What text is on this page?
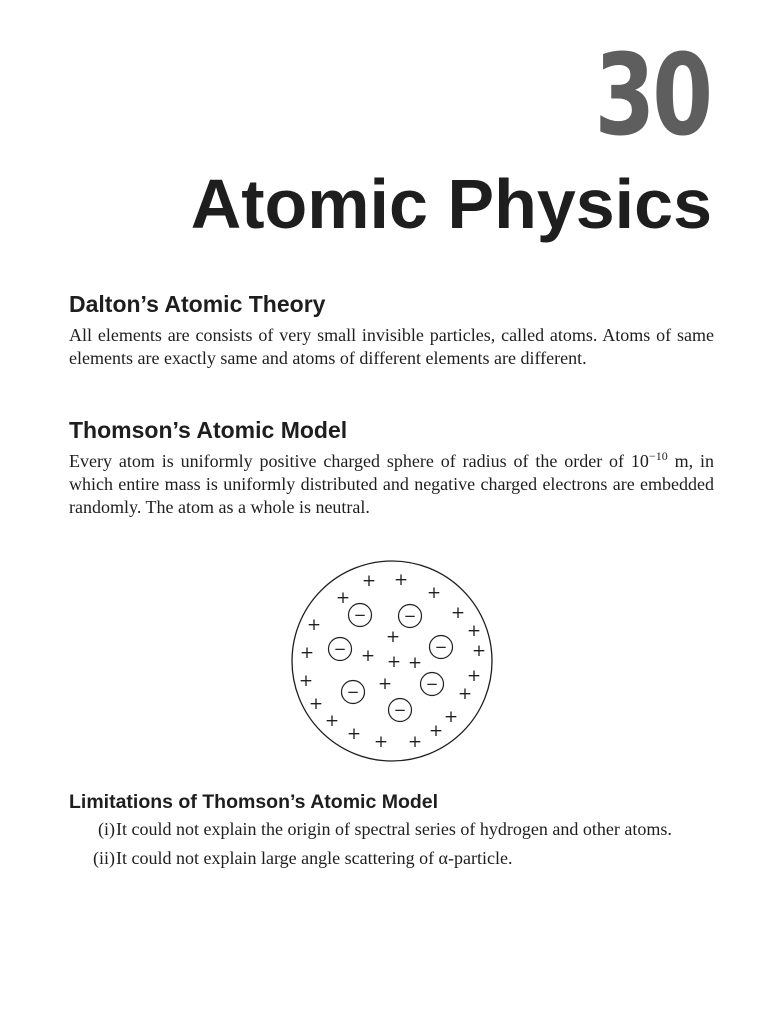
30
Atomic Physics
Dalton’s Atomic Theory

All elements are consists of very small invisible particles, called atoms. Atoms of same elements are exactly same and atoms of different elements are different.

Thomson’s Atomic Model

Every atom is uniformly positive charged sphere of radius of the order of $10^{-10}$ m, in which entire mass is uniformly distributed and negative charged electrons are embedded randomly. The atom as a whole is neutral.

+ +
+	+
+
+
+
+
+	+ + +
+
+	+	+
+
+
+	+
+	+
+ +
− −
−	−
−
−
−
Limitations of Thomson’s Atomic Model
(i) It could not explain the origin of spectral series of hydrogen and other atoms.
(ii) It could not explain large angle scattering of α-particle.
